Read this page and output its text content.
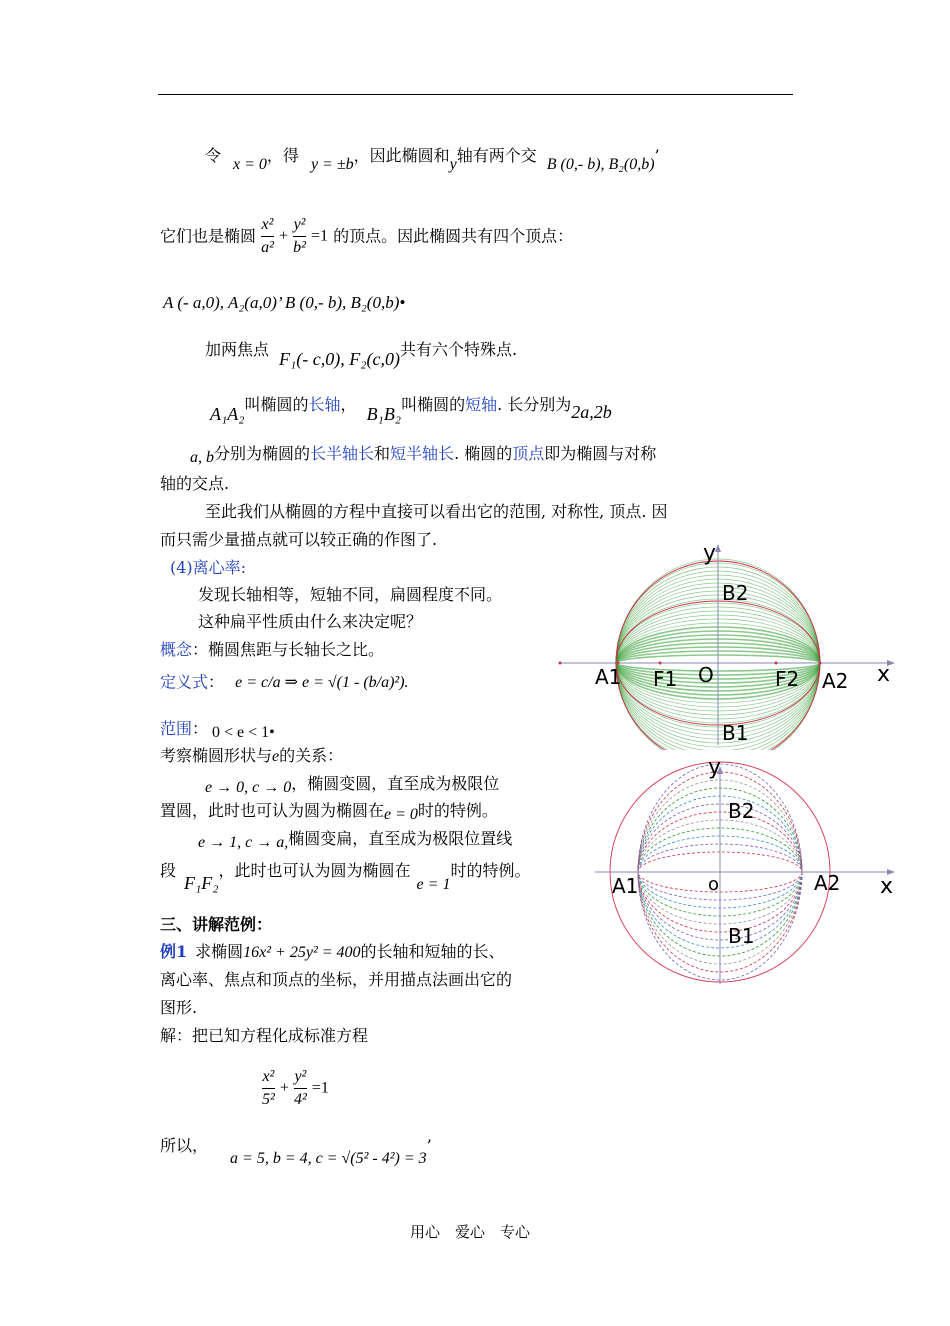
令 x = 0，得 y = ±b，因此椭圆和y轴有两个交 B (0,- b), B₂(0,b)’
它们也是椭圆 $\frac{\text{x²}}{\text{a²}} + \frac{\text{y²}}{\text{b²}} =1$ 的顶点。因此椭圆共有四个顶点：
A (- a,0), A₂(a,0)’ B (0,- b), B₂(0,b)•
加两焦点 F₁(- c,0), F₂(c,0)共有六个特殊点.
A₁A₂叫椭圆的长轴， B₁B₂叫椭圆的短轴. 长分别为2a,2b
a, b分别为椭圆的长半轴长和短半轴长. 椭圆的顶点即为椭圆与对称
轴的交点.
至此我们从椭圆的方程中直接可以看出它的范围, 对称性, 顶点. 因
而只需少量描点就可以较正确的作图了.
(4)离心率:
发现长轴相等，短轴不同，扁圆程度不同。
这种扁平性质由什么来决定呢？
概念：椭圆焦距与长轴长之比。
定义式： e = c/a ⇒ e = √(1 - (b/a)²).
范围： 0 < e < 1•
考察椭圆形状与e的关系：
e → 0, c → 0，椭圆变圆，直至成为极限位
置圆，此时也可认为圆为椭圆在e = 0时的特例。
e → 1, c → a,椭圆变扁，直至成为极限位置线
段F₁F₂，此时也可认为圆为椭圆在e = 1时的特例。
三、讲解范例：
例1 求椭圆16x² + 25y² = 400的长轴和短轴的长、
离心率、焦点和顶点的坐标，并用描点法画出它的
图形.
解：把已知方程化成标准方程
$\frac{\text{x²}}{\text{5²}} + \frac{\text{y²}}{\text{4²}} =1$
所以，a = 5, b = 4, c = √(5² - 4²) = 3’
y
x
O
A1	A2
B2
B1
F1	F2
y
x
o
A1	A2
B2
B1
用心　爱心　专心
